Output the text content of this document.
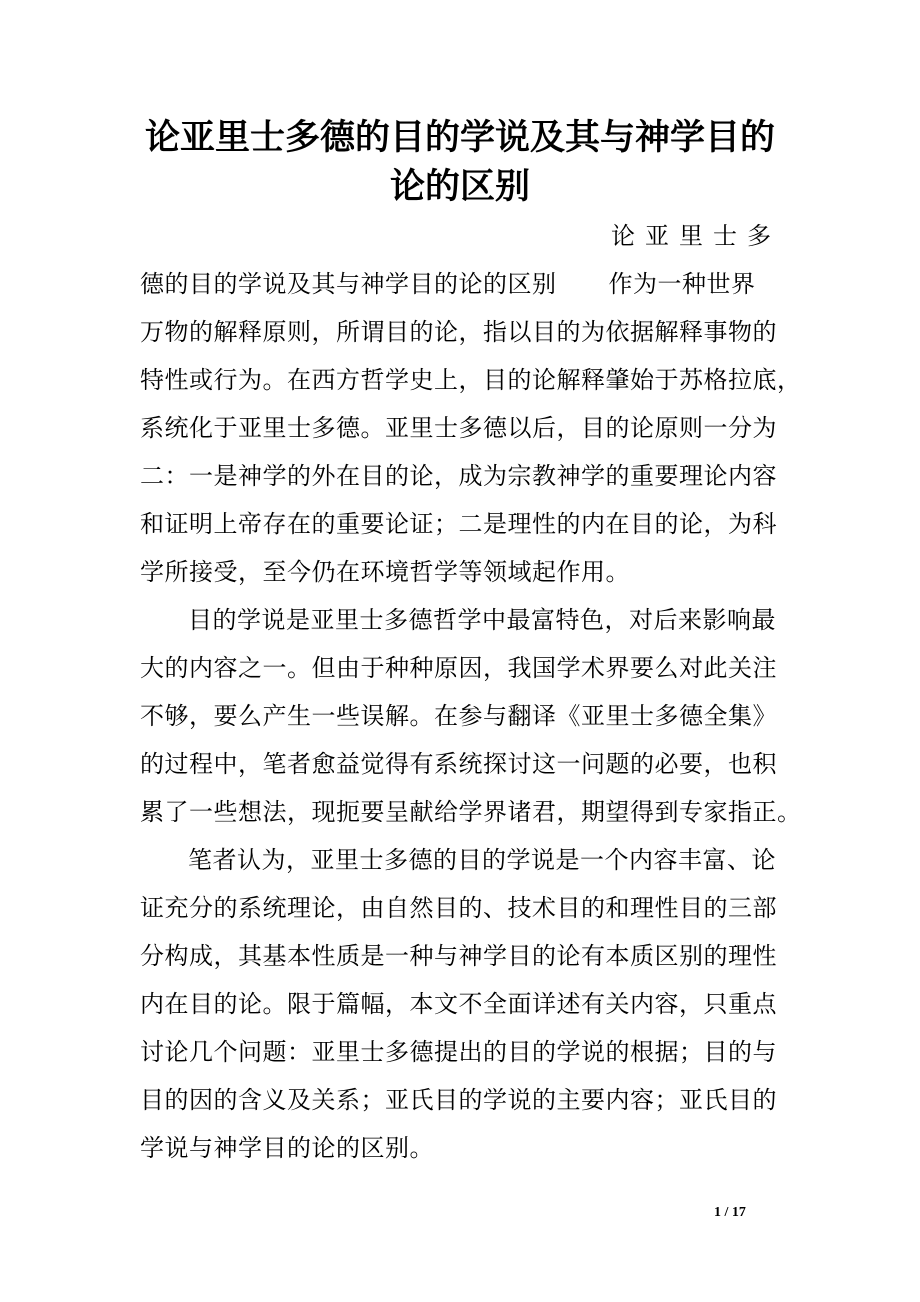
论亚里士多德的目的学说及其与神学目的
论的区别
论亚里士多
德的目的学说及其与神学目的论的区别 作为一种世界
万物的解释原则，所谓目的论，指以目的为依据解释事物的
特性或行为。在西方哲学史上，目的论解释肇始于苏格拉底，
系统化于亚里士多德。亚里士多德以后，目的论原则一分为
二：一是神学的外在目的论，成为宗教神学的重要理论内容
和证明上帝存在的重要论证；二是理性的内在目的论，为科
学所接受，至今仍在环境哲学等领域起作用。
目的学说是亚里士多德哲学中最富特色，对后来影响最
大的内容之一。但由于种种原因，我国学术界要么对此关注
不够，要么产生一些误解。在参与翻译《亚里士多德全集》
的过程中，笔者愈益觉得有系统探讨这一问题的必要，也积
累了一些想法，现扼要呈献给学界诸君，期望得到专家指正。
笔者认为，亚里士多德的目的学说是一个内容丰富、论
证充分的系统理论，由自然目的、技术目的和理性目的三部
分构成，其基本性质是一种与神学目的论有本质区别的理性
内在目的论。限于篇幅，本文不全面详述有关内容，只重点
讨论几个问题：亚里士多德提出的目的学说的根据；目的与
目的因的含义及关系；亚氏目的学说的主要内容；亚氏目的
学说与神学目的论的区别。
1 / 17
